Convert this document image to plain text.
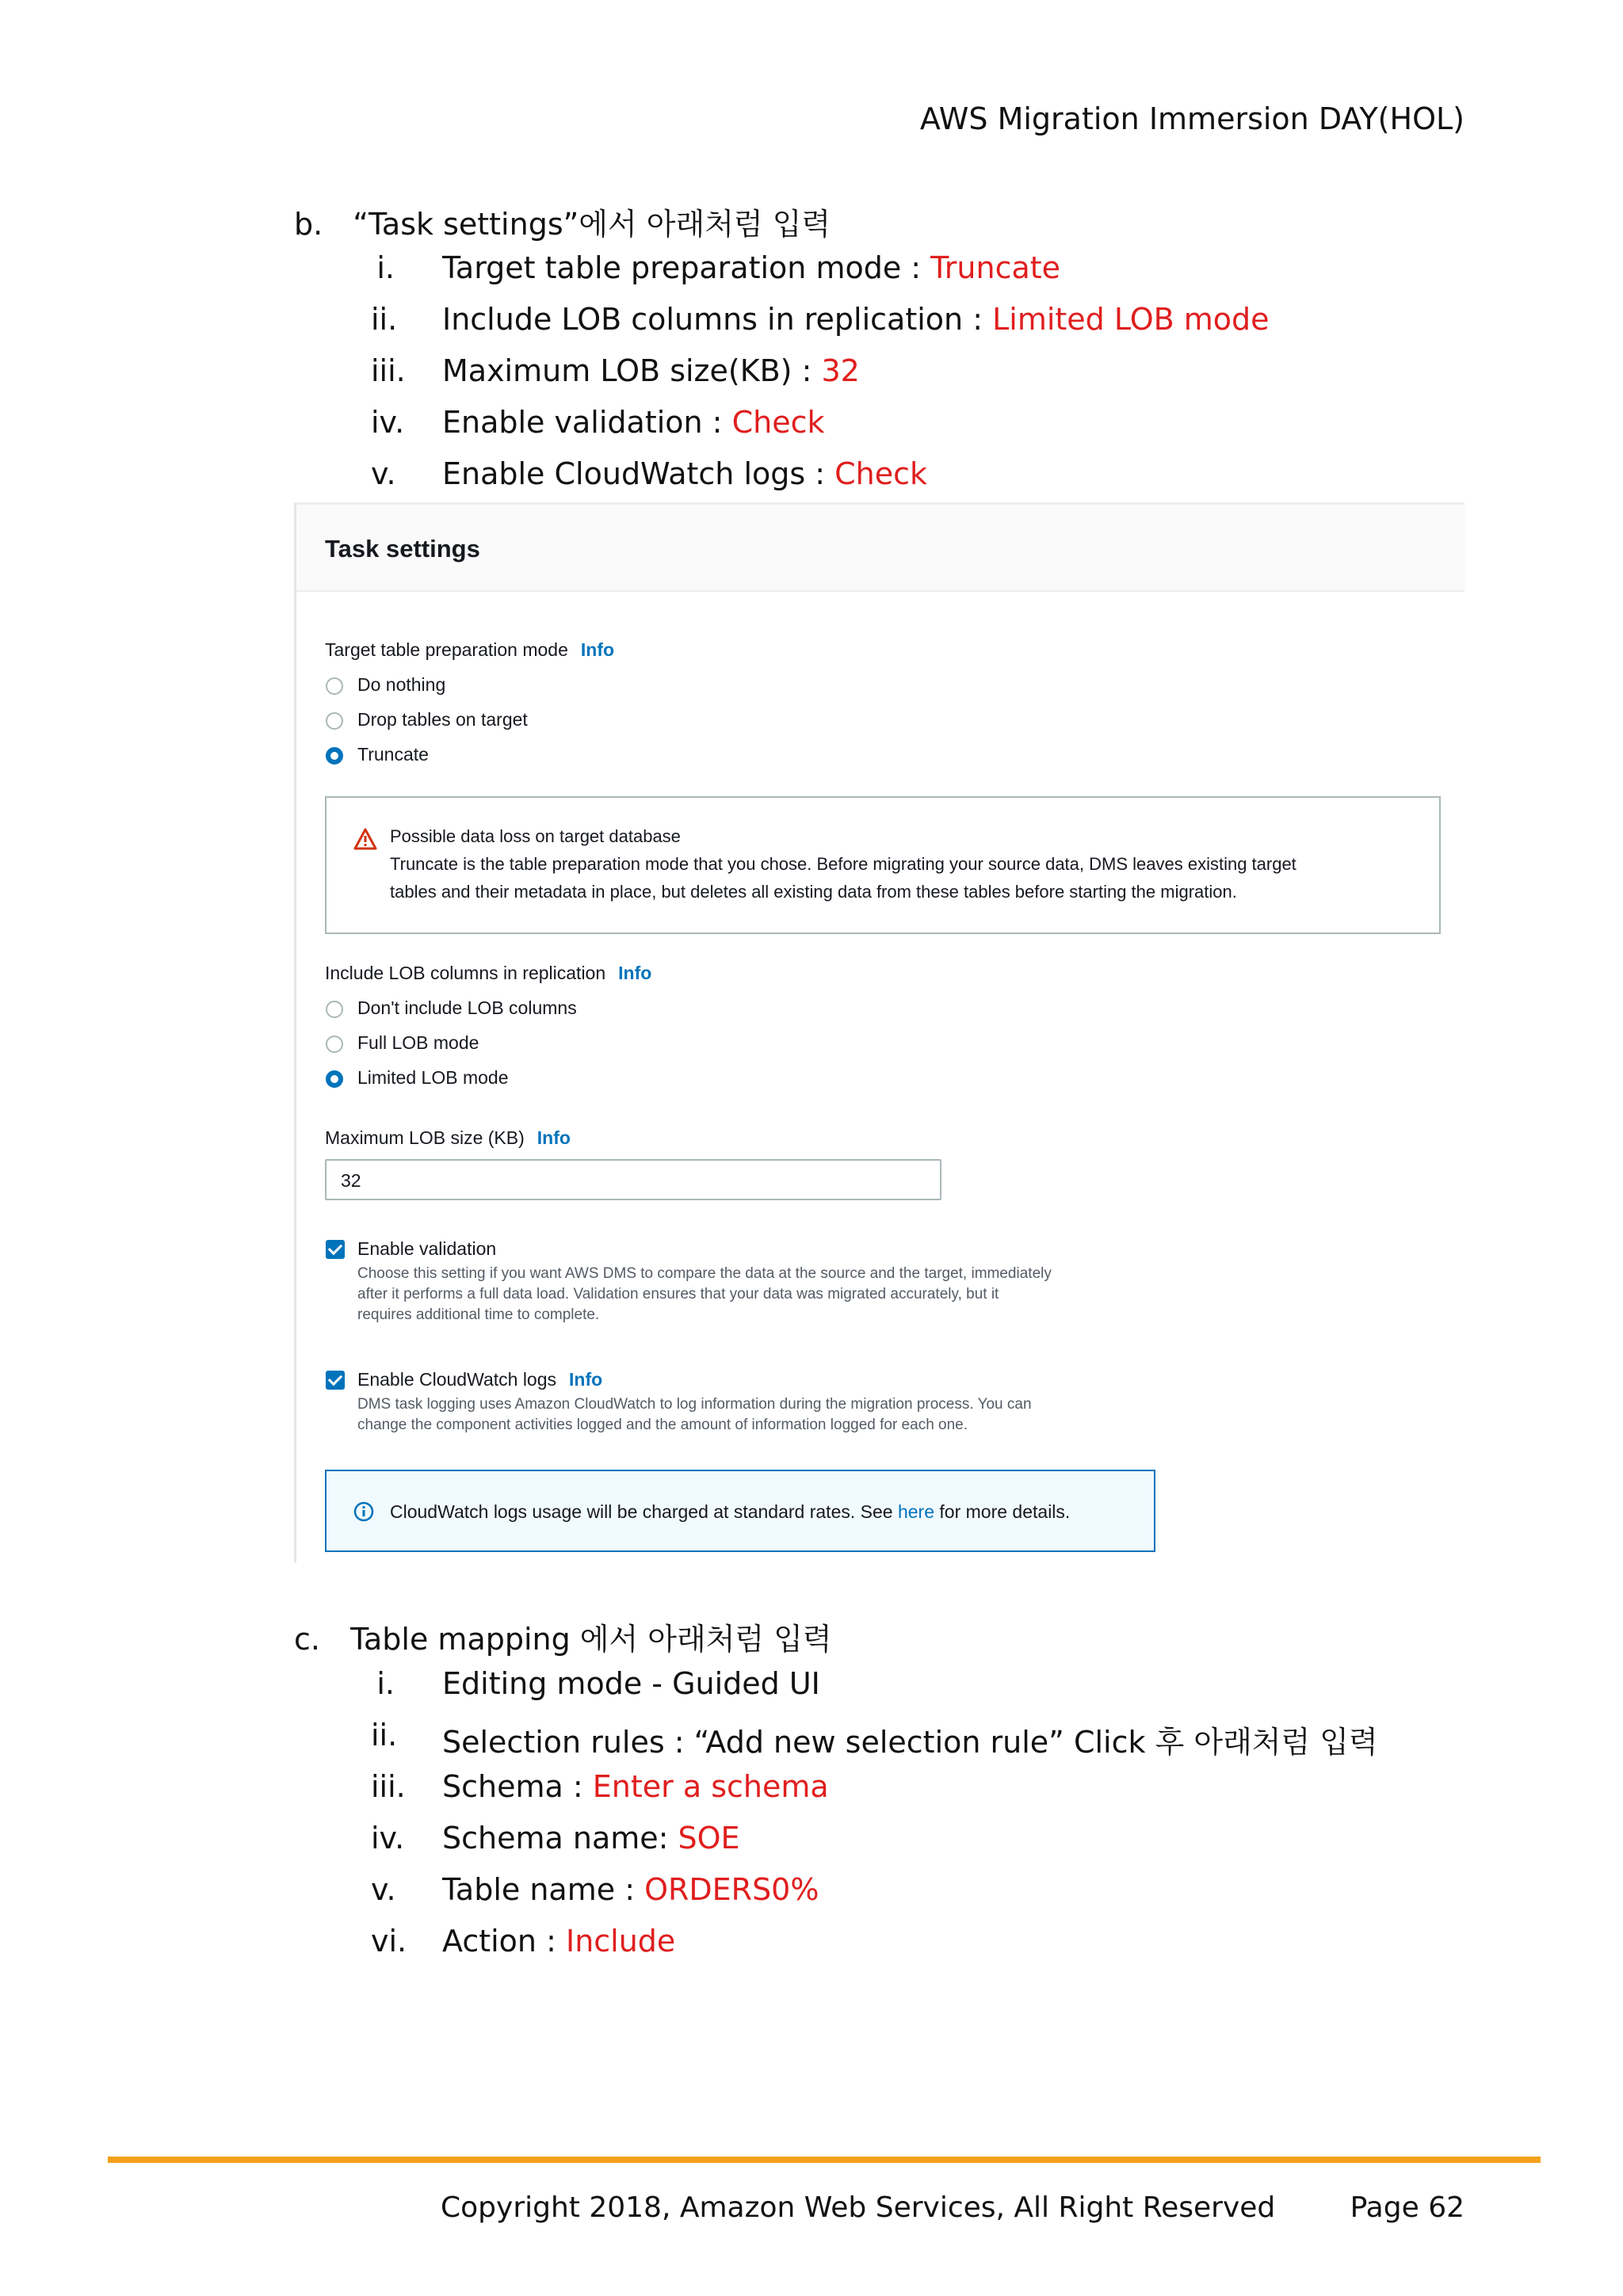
AWS Migration Immersion DAY(HOL)
b. “Task settings”에서 아래처럼 입력
i. Target table preparation mode : Truncate
ii. Include LOB columns in replication : Limited LOB mode
iii. Maximum LOB size(KB) : 32
iv. Enable validation : Check
v. Enable CloudWatch logs : Check
Task settings
Target table preparation mode Info
Do nothing
Drop tables on target
Truncate
Possible data loss on target database
Truncate is the table preparation mode that you chose. Before migrating your source data, DMS leaves existing target
tables and their metadata in place, but deletes all existing data from these tables before starting the migration.
Include LOB columns in replication Info
Don't include LOB columns
Full LOB mode
Limited LOB mode
Maximum LOB size (KB) Info
32
Enable validation
Choose this setting if you want AWS DMS to compare the data at the source and the target, immediately
after it performs a full data load. Validation ensures that your data was migrated accurately, but it
requires additional time to complete.
Enable CloudWatch logs Info
DMS task logging uses Amazon CloudWatch to log information during the migration process. You can
change the component activities logged and the amount of information logged for each one.
CloudWatch logs usage will be charged at standard rates. See here for more details.
c. Table mapping 에서 아래처럼 입력
i. Editing mode - Guided UI
ii. Selection rules : “Add new selection rule” Click 후 아래처럼 입력
iii. Schema : Enter a schema
iv. Schema name: SOE
v. Table name : ORDERS0%
vi. Action : Include
Copyright 2018, Amazon Web Services, All Right Reserved	Page 62
